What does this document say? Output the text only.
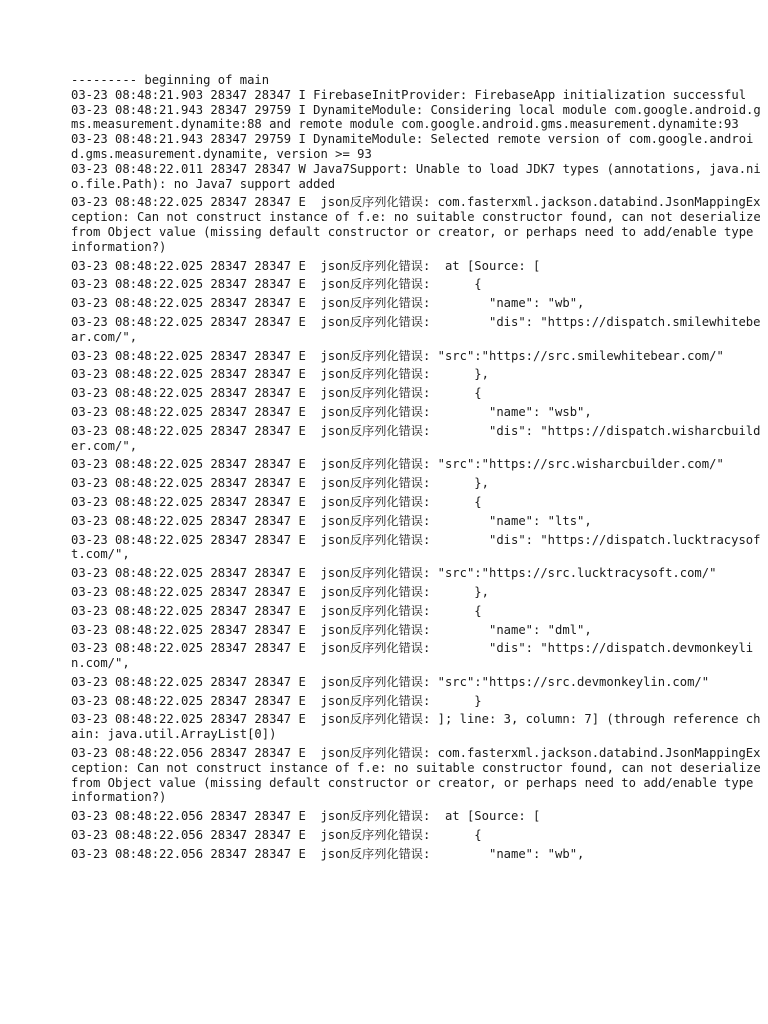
--------- beginning of main
03-23 08:48:21.903 28347 28347 I FirebaseInitProvider: FirebaseApp initialization successful
03-23 08:48:21.943 28347 29759 I DynamiteModule: Considering local module com.google.android.gms.measurement.dynamite:88 and remote module com.google.android.gms.measurement.dynamite:93
03-23 08:48:21.943 28347 29759 I DynamiteModule: Selected remote version of com.google.android.gms.measurement.dynamite, version >= 93
03-23 08:48:22.011 28347 28347 W Java7Support: Unable to load JDK7 types (annotations, java.nio.file.Path): no Java7 support added
03-23 08:48:22.025 28347 28347 E  json反序列化错误: com.fasterxml.jackson.databind.JsonMappingException: Can not construct instance of f.e: no suitable constructor found, can not deserialize from Object value (missing default constructor or creator, or perhaps need to add/enable type information?)
03-23 08:48:22.025 28347 28347 E  json反序列化错误:  at [Source: [
03-23 08:48:22.025 28347 28347 E  json反序列化错误:      {
03-23 08:48:22.025 28347 28347 E  json反序列化错误:        "name": "wb",
03-23 08:48:22.025 28347 28347 E  json反序列化错误:        "dis": "https://dispatch.smilewhitebear.com/",
03-23 08:48:22.025 28347 28347 E  json反序列化错误: "src":"https://src.smilewhitebear.com/"
03-23 08:48:22.025 28347 28347 E  json反序列化错误:      },
03-23 08:48:22.025 28347 28347 E  json反序列化错误:      {
03-23 08:48:22.025 28347 28347 E  json反序列化错误:        "name": "wsb",
03-23 08:48:22.025 28347 28347 E  json反序列化错误:        "dis": "https://dispatch.wisharcbuilder.com/",
03-23 08:48:22.025 28347 28347 E  json反序列化错误: "src":"https://src.wisharcbuilder.com/"
03-23 08:48:22.025 28347 28347 E  json反序列化错误:      },
03-23 08:48:22.025 28347 28347 E  json反序列化错误:      {
03-23 08:48:22.025 28347 28347 E  json反序列化错误:        "name": "lts",
03-23 08:48:22.025 28347 28347 E  json反序列化错误:        "dis": "https://dispatch.lucktracysoft.com/",
03-23 08:48:22.025 28347 28347 E  json反序列化错误: "src":"https://src.lucktracysoft.com/"
03-23 08:48:22.025 28347 28347 E  json反序列化错误:      },
03-23 08:48:22.025 28347 28347 E  json反序列化错误:      {
03-23 08:48:22.025 28347 28347 E  json反序列化错误:        "name": "dml",
03-23 08:48:22.025 28347 28347 E  json反序列化错误:        "dis": "https://dispatch.devmonkeylin.com/",
03-23 08:48:22.025 28347 28347 E  json反序列化错误: "src":"https://src.devmonkeylin.com/"
03-23 08:48:22.025 28347 28347 E  json反序列化错误:      }
03-23 08:48:22.025 28347 28347 E  json反序列化错误: ]; line: 3, column: 7] (through reference chain: java.util.ArrayList[0])
03-23 08:48:22.056 28347 28347 E  json反序列化错误: com.fasterxml.jackson.databind.JsonMappingException: Can not construct instance of f.e: no suitable constructor found, can not deserialize from Object value (missing default constructor or creator, or perhaps need to add/enable type information?)
03-23 08:48:22.056 28347 28347 E  json反序列化错误:  at [Source: [
03-23 08:48:22.056 28347 28347 E  json反序列化错误:      {
03-23 08:48:22.056 28347 28347 E  json反序列化错误:        "name": "wb",
